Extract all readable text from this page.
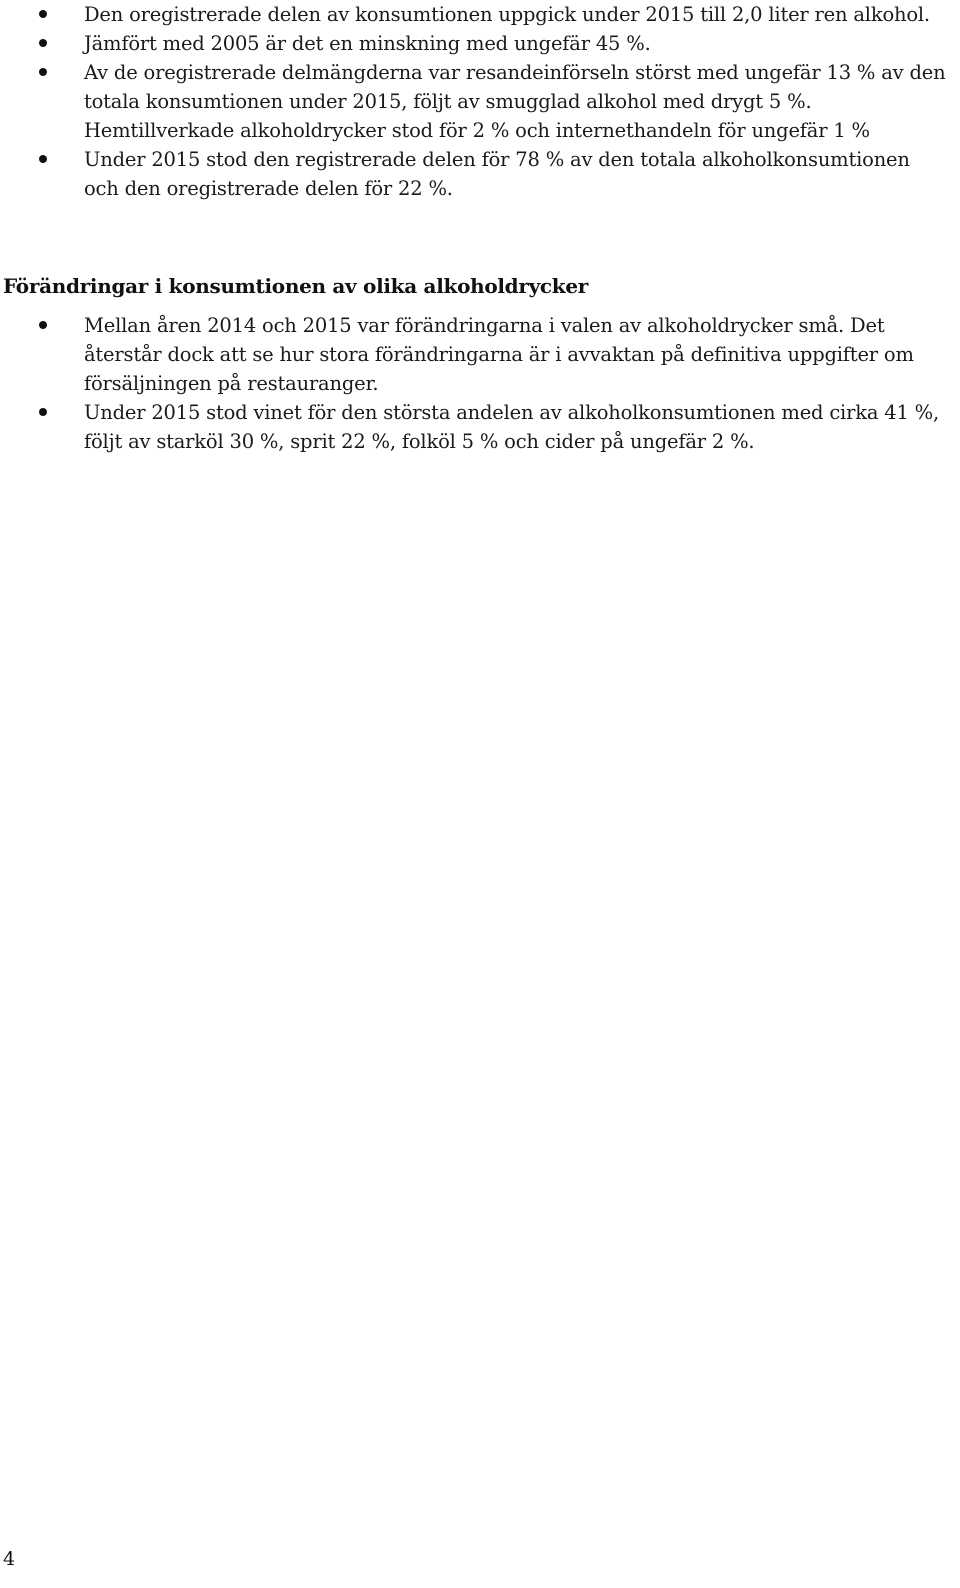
Den oregistrerade delen av konsumtionen uppgick under 2015 till 2,0 liter ren alkohol.
Jämfört med 2005 är det en minskning med ungefär 45 %.
Av de oregistrerade delmängderna var resandeinförseln störst med ungefär 13 % av den totala konsumtionen under 2015, följt av smugglad alkohol med drygt 5 %.
Hemtillverkade alkoholdrycker stod för 2 % och internethandeln för ungefär 1 %
Under 2015 stod den registrerade delen för 78 % av den totala alkoholkonsumtionen och den oregistrerade delen för 22 %.
Förändringar i konsumtionen av olika alkoholdrycker
Mellan åren 2014 och 2015 var förändringarna i valen av alkoholdrycker små. Det återstår dock att se hur stora förändringarna är i avvaktan på definitiva uppgifter om försäljningen på restauranger.
Under 2015 stod vinet för den största andelen av alkoholkonsumtionen med cirka 41 %, följt av starköl 30 %, sprit 22 %, folköl 5 % och cider på ungefär 2 %.
4
